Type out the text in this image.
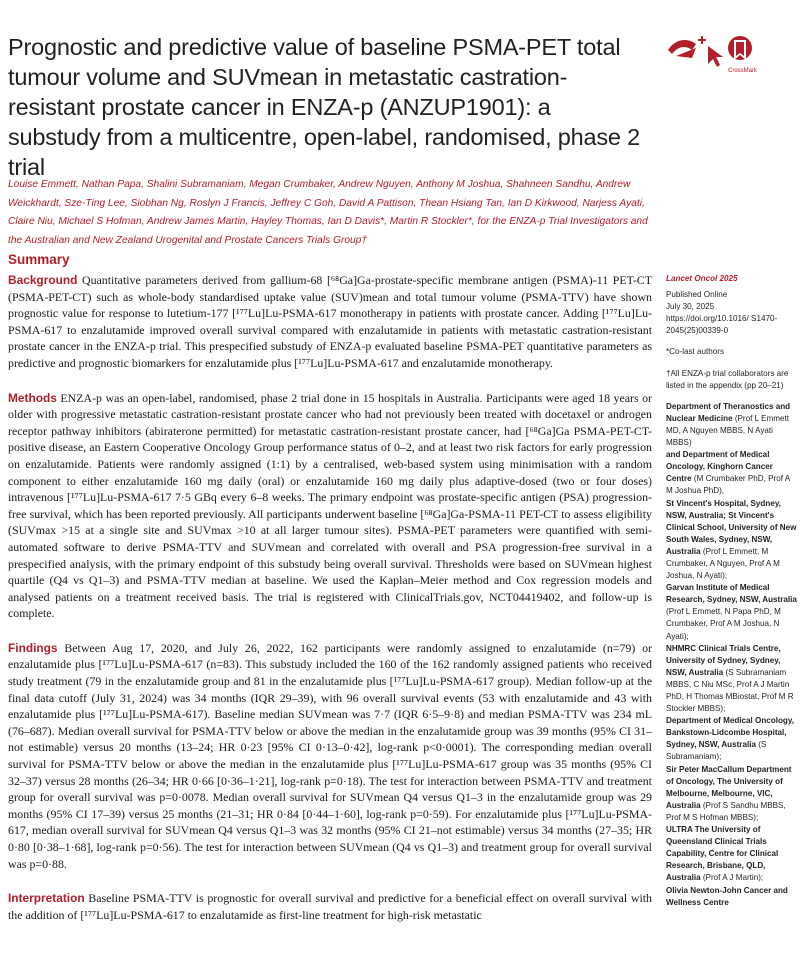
Prognostic and predictive value of baseline PSMA-PET total tumour volume and SUVmean in metastatic castration-resistant prostate cancer in ENZA-p (ANZUP1901): a substudy from a multicentre, open-label, randomised, phase 2 trial
CrossMark

Louise Emmett, Nathan Papa, Shalini Subramaniam, Megan Crumbaker, Andrew Nguyen, Anthony M Joshua, Shahneen Sandhu, Andrew Weickhardt, Sze-Ting Lee, Siobhan Ng, Roslyn J Francis, Jeffrey C Goh, David A Pattison, Thean Hsiang Tan, Ian D Kirkwood, Narjess Ayati, Claire Niu, Michael S Hofman, Andrew James Martin, Hayley Thomas, Ian D Davis*, Martin R Stockler*, for the ENZA-p Trial Investigators and the Australian and New Zealand Urogenital and Prostate Cancers Trials Group†

Summary

Background Quantitative parameters derived from gallium-68 [⁶⁸Ga]Ga-prostate-specific membrane antigen (PSMA)-11 PET-CT (PSMA-PET-CT) such as whole-body standardised uptake value (SUV)mean and total tumour volume (PSMA-TTV) have shown prognostic value for response to lutetium-177 [¹⁷⁷Lu]Lu-PSMA-617 monotherapy in patients with prostate cancer. Adding [¹⁷⁷Lu]Lu-PSMA-617 to enzalutamide improved overall survival compared with enzalutamide in patients with metastatic castration-resistant prostate cancer in the ENZA-p trial. This prespecified substudy of ENZA-p evaluated baseline PSMA-PET quantitative parameters as predictive and prognostic biomarkers for enzalutamide plus [¹⁷⁷Lu]Lu-PSMA-617 and enzalutamide monotherapy.

Methods ENZA-p was an open-label, randomised, phase 2 trial done in 15 hospitals in Australia. Participants were aged 18 years or older with progressive metastatic castration-resistant prostate cancer who had not previously been treated with docetaxel or androgen receptor pathway inhibitors (abiraterone permitted) for metastatic castration-resistant prostate cancer, had [⁶⁸Ga]Ga PSMA-PET-CT-positive disease, an Eastern Cooperative Oncology Group performance status of 0–2, and at least two risk factors for early progression on enzalutamide. Patients were randomly assigned (1:1) by a centralised, web-based system using minimisation with a random component to either enzalutamide 160 mg daily (oral) or enzalutamide 160 mg daily plus adaptive-dosed (two or four doses) intravenous [¹⁷⁷Lu]Lu-PSMA-617 7·5 GBq every 6–8 weeks. The primary endpoint was prostate-specific antigen (PSA) progression-free survival, which has been reported previously. All participants underwent baseline [⁶⁸Ga]Ga-PSMA-11 PET-CT to assess eligibility (SUVmax >15 at a single site and SUVmax >10 at all larger tumour sites). PSMA-PET parameters were quantified with semi-automated software to derive PSMA-TTV and SUVmean and correlated with overall and PSA progression-free survival in a prespecified analysis, with the primary endpoint of this substudy being overall survival. Thresholds were based on SUVmean highest quartile (Q4 vs Q1–3) and PSMA-TTV median at baseline. We used the Kaplan–Meier method and Cox regression models and analysed patients on a treatment received basis. The trial is registered with ClinicalTrials.gov, NCT04419402, and follow-up is complete.

Findings Between Aug 17, 2020, and July 26, 2022, 162 participants were randomly assigned to enzalutamide (n=79) or enzalutamide plus [¹⁷⁷Lu]Lu-PSMA-617 (n=83). This substudy included the 160 of the 162 randomly assigned patients who received study treatment (79 in the enzalutamide group and 81 in the enzalutamide plus [¹⁷⁷Lu]Lu-PSMA-617 group). Median follow-up at the final data cutoff (July 31, 2024) was 34 months (IQR 29–39), with 96 overall survival events (53 with enzalutamide and 43 with enzalutamide plus [¹⁷⁷Lu]Lu-PSMA-617). Baseline median SUVmean was 7·7 (IQR 6·5–9·8) and median PSMA-TTV was 234 mL (76–687). Median overall survival for PSMA-TTV below or above the median in the enzalutamide group was 39 months (95% CI 31–not estimable) versus 20 months (13–24; HR 0·23 [95% CI 0·13–0·42], log-rank p<0·0001). The corresponding median overall survival for PSMA-TTV below or above the median in the enzalutamide plus [¹⁷⁷Lu]Lu-PSMA-617 group was 35 months (95% CI 32–37) versus 28 months (26–34; HR 0·66 [0·36–1·21], log-rank p=0·18). The test for interaction between PSMA-TTV and treatment group for overall survival was p=0·0078. Median overall survival for SUVmean Q4 versus Q1–3 in the enzalutamide group was 29 months (95% CI 17–39) versus 25 months (21–31; HR 0·84 [0·44–1·60], log-rank p=0·59). For enzalutamide plus [¹⁷⁷Lu]Lu-PSMA-617, median overall survival for SUVmean Q4 versus Q1–3 was 32 months (95% CI 21–not estimable) versus 34 months (27–35; HR 0·80 [0·38–1·68], log-rank p=0·56). The test for interaction between SUVmean (Q4 vs Q1–3) and treatment group for overall survival was p=0·88.

Interpretation Baseline PSMA-TTV is prognostic for overall survival and predictive for a beneficial effect on overall survival with the addition of [¹⁷⁷Lu]Lu-PSMA-617 to enzalutamide as first-line treatment for high-risk metastatic

Lancet Oncol 2025

Published Online

July 30, 2025

https://doi.org/10.1016/ S1470-2045(25)00339-0

*Co-last authors

†All ENZA-p trial collaborators are listed in the appendix (pp 20–21)

Department of Theranostics and Nuclear Medicine (Prof L Emmett MD, A Nguyen MBBS, N Ayati MBBS)

and Department of Medical Oncology, Kinghorn Cancer Centre (M Crumbaker PhD, Prof A M Joshua PhD),

St Vincent's Hospital, Sydney, NSW, Australia; St Vincent's Clinical School, University of New South Wales, Sydney, NSW, Australia (Prof L Emmett, M Crumbaker, A Nguyen, Prof A M Joshua, N Ayati);

Garvan Institute of Medical Research, Sydney, NSW, Australia (Prof L Emmett, N Papa PhD, M Crumbaker, Prof A M Joshua, N Ayati);

NHMRC Clinical Trials Centre, University of Sydney, Sydney, NSW, Australia (S Subramaniam MBBS, C Niu MSc, Prof A J Martin PhD, H Thomas MBiostat, Prof M R Stockler MBBS);

Department of Medical Oncology, Bankstown-Lidcombe Hospital, Sydney, NSW, Australia (S Subramaniam);

Sir Peter MacCallum Department of Oncology, The University of Melbourne, Melbourne, VIC, Australia (Prof S Sandhu MBBS, Prof M S Hofman MBBS);

ULTRA The University of Queensland Clinical Trials Capability, Centre for Clinical Research, Brisbane, QLD, Australia (Prof A J Martin);

Olivia Newton-John Cancer and Wellness Centre
